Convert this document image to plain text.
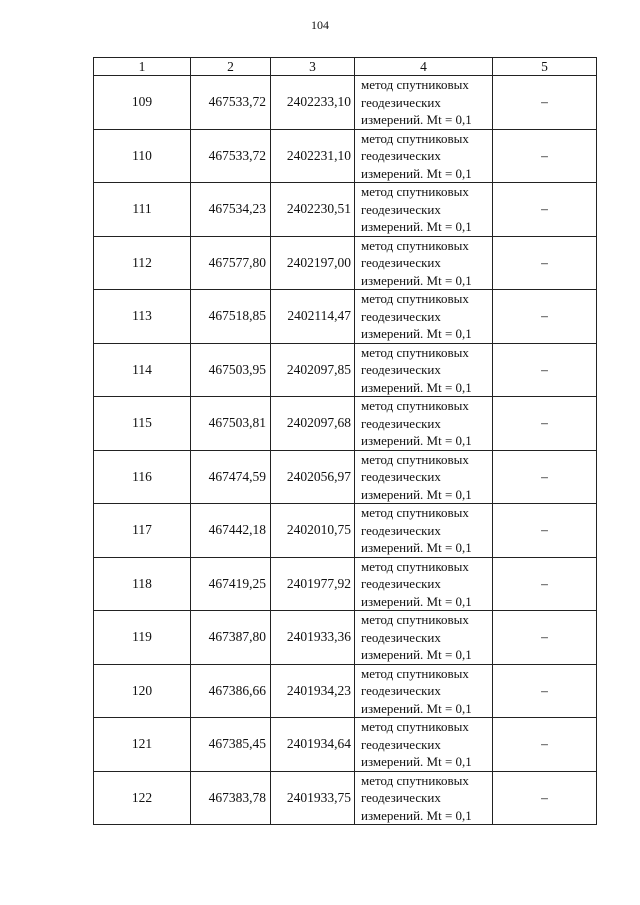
104
1	2	3	4	5
109	467533,72	2402233,10	метод спутниковых
геодезических
измерений. Mt = 0,1	–
110	467533,72	2402231,10	метод спутниковых
геодезических
измерений. Mt = 0,1	–
111	467534,23	2402230,51	метод спутниковых
геодезических
измерений. Mt = 0,1	–
112	467577,80	2402197,00	метод спутниковых
геодезических
измерений. Mt = 0,1	–
113	467518,85	2402114,47	метод спутниковых
геодезических
измерений. Mt = 0,1	–
114	467503,95	2402097,85	метод спутниковых
геодезических
измерений. Mt = 0,1	–
115	467503,81	2402097,68	метод спутниковых
геодезических
измерений. Mt = 0,1	–
116	467474,59	2402056,97	метод спутниковых
геодезических
измерений. Mt = 0,1	–
117	467442,18	2402010,75	метод спутниковых
геодезических
измерений. Mt = 0,1	–
118	467419,25	2401977,92	метод спутниковых
геодезических
измерений. Mt = 0,1	–
119	467387,80	2401933,36	метод спутниковых
геодезических
измерений. Mt = 0,1	–
120	467386,66	2401934,23	метод спутниковых
геодезических
измерений. Mt = 0,1	–
121	467385,45	2401934,64	метод спутниковых
геодезических
измерений. Mt = 0,1	–
122	467383,78	2401933,75	метод спутниковых
геодезических
измерений. Mt = 0,1	–
